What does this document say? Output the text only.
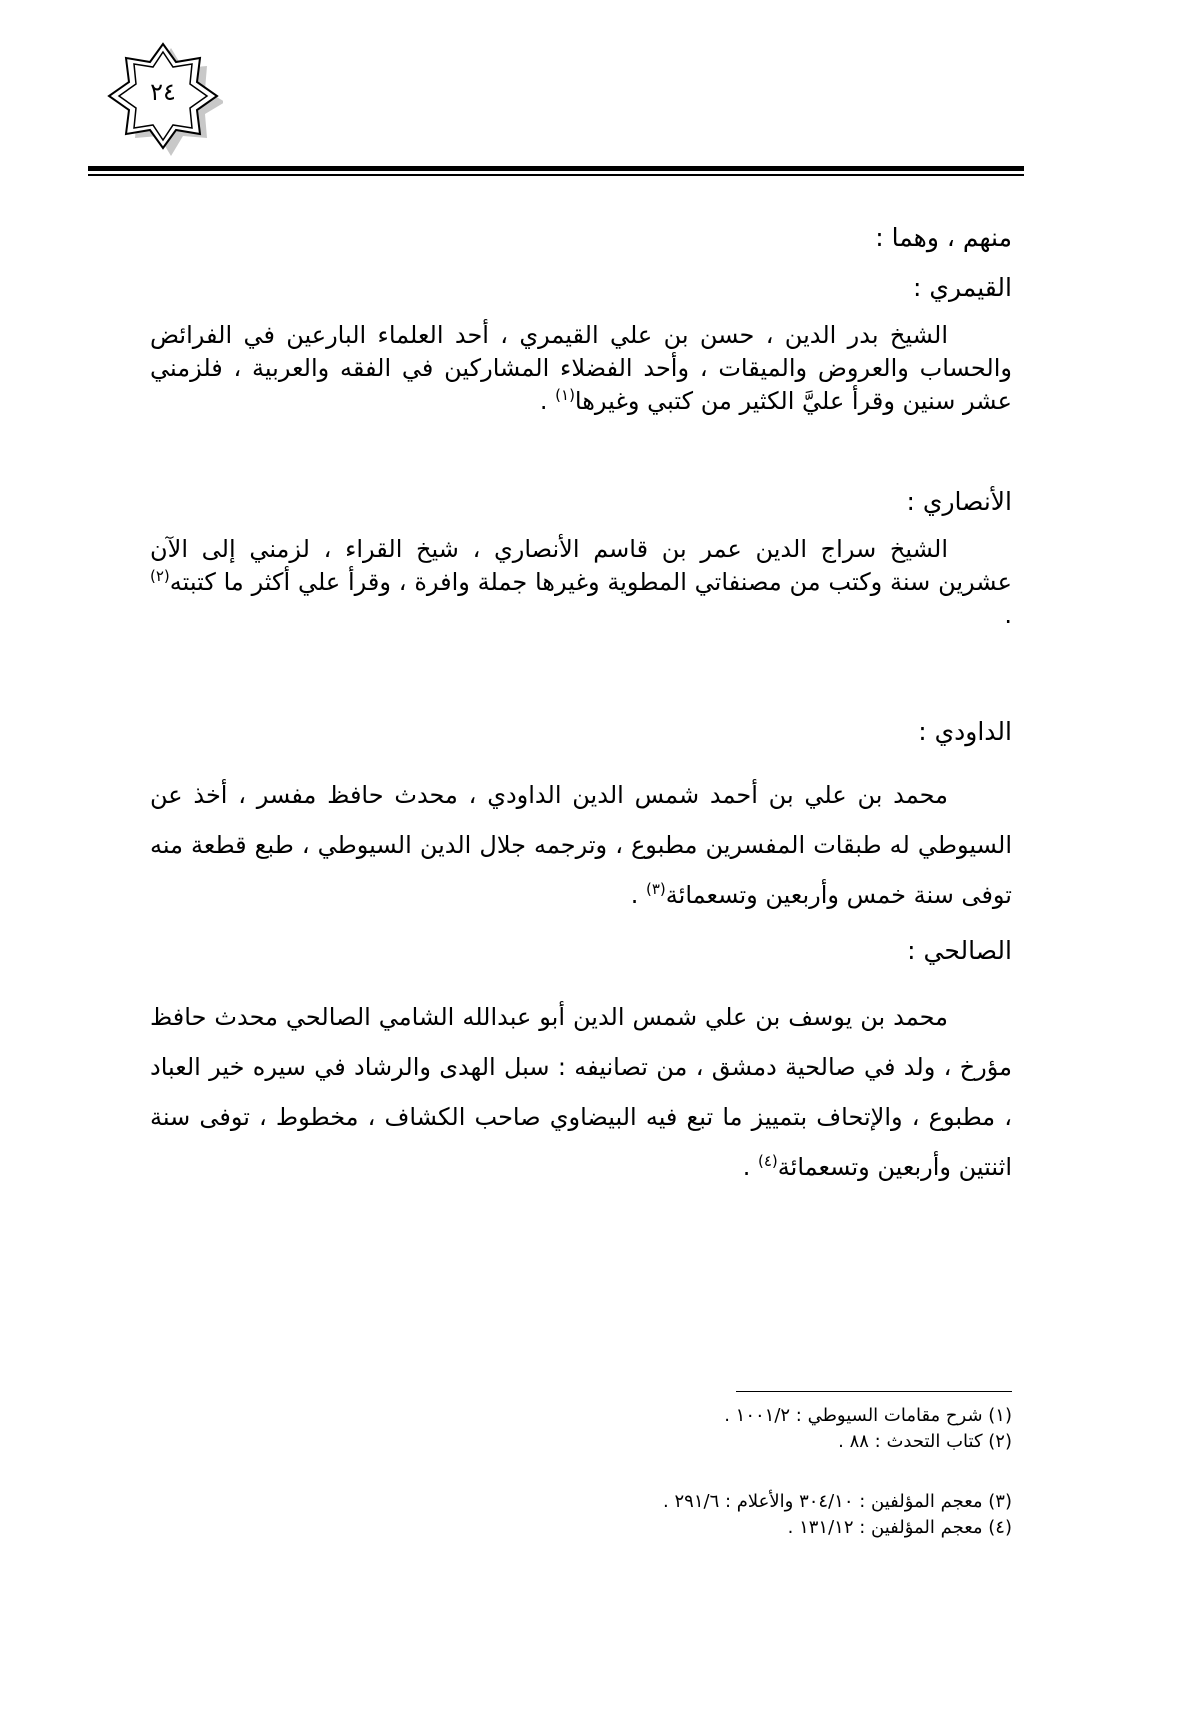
٢٤
منهم ، وهما :
القيمري :

الشيخ بدر الدين ، حسن بن علي القيمري ، أحد العلماء البارعين في الفرائض والحساب والعروض والميقات ، وأحد الفضلاء المشاركين في الفقه والعربية ، فلزمني عشر سنين وقرأ عليَّ الكثير من كتبي وغيرها$^{(١)}$ .

الأنصاري :

الشيخ سراج الدين عمر بن قاسم الأنصاري ، شيخ القراء ، لزمني إلى الآن عشرين سنة وكتب من مصنفاتي المطوية وغيرها جملة وافرة ، وقرأ علي أكثر ما كتبته$^{(٢)}$ .

الداودي :

محمد بن علي بن أحمد شمس الدين الداودي ، محدث حافظ مفسر ، أخذ عن السيوطي له طبقات المفسرين مطبوع ، وترجمه جلال الدين السيوطي ، طبع قطعة منه توفى سنة خمس وأربعين وتسعمائة$^{(٣)}$ .

الصالحي :

محمد بن يوسف بن علي شمس الدين أبو عبدالله الشامي الصالحي محدث حافظ مؤرخ ، ولد في صالحية دمشق ، من تصانيفه : سبل الهدى والرشاد في سيره خير العباد ، مطبوع ، والإتحاف بتمييز ما تبع فيه البيضاوي صاحب الكشاف ، مخطوط ، توفى سنة اثنتين وأربعين وتسعمائة$^{(٤)}$ .

(١) شرح مقامات السيوطي : ١٠٠١/٢ .
(٢) كتاب التحدث : ٨٨ .
(٣) معجم المؤلفين : ٣٠٤/١٠ والأعلام : ٢٩١/٦ .
(٤) معجم المؤلفين : ١٣١/١٢ .
